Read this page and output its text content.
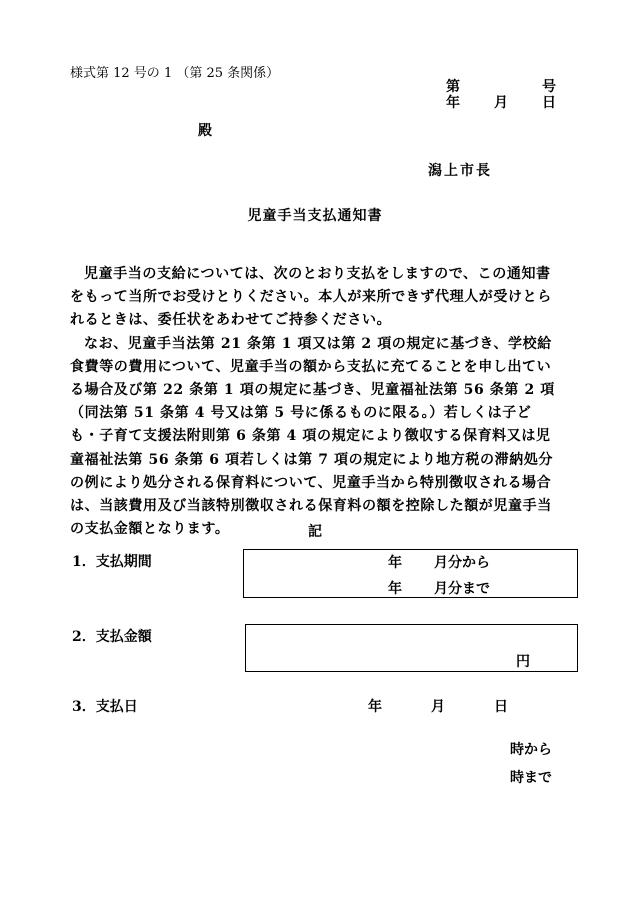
様式第 12 号の 1 （第 25 条関係）
第	号
年 月 日
殿
潟上市長
児童手当支払通知書

児童手当の支給については、次のとおり支払をしますので、この通知書をもって当所でお受けとりください。本人が来所できず代理人が受けとられるときは、委任状をあわせてご持参ください。

なお、児童手当法第 21 条第 1 項又は第 2 項の規定に基づき、学校給食費等の費用について、児童手当の額から支払に充てることを申し出ている場合及び第 22 条第 1 項の規定に基づき、児童福祉法第 56 条第 2 項（同法第 51 条第 4 号又は第 5 号に係るものに限る。）若しくは子ども・子育て支援法附則第 6 条第 4 項の規定により徴収する保育料又は児童福祉法第 56 条第 6 項若しくは第 7 項の規定により地方税の滞納処分の例により処分される保育料について、児童手当から特別徴収される場合は、当該費用及び当該特別徴収される保育料の額を控除した額が児童手当の支払金額となります。	記
1．支払期間	年 月分から
年 月分まで
2．支払金額
円
3．支払日	年	月	日
時から
時まで
